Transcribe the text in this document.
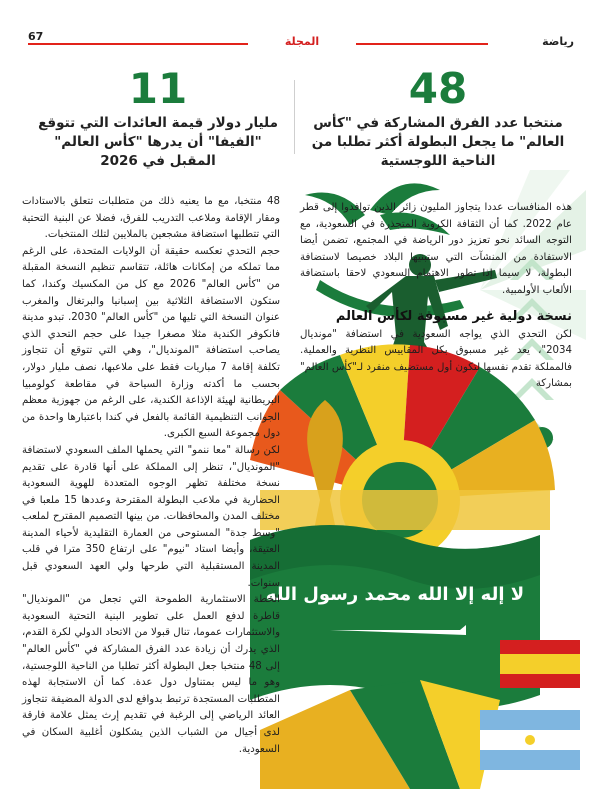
67	المجلة	رياضة
48
منتخبا عدد الفرق المشاركة في "كأس العالم" ما يجعل البطولة أكثر تطلبا من الناحية اللوجستية
11
مليار دولار قيمة العائدات التي تتوقع "الفيفا" أن يدرها "كأس العالم" المقبل في 2026
لا إله إلا الله محمد رسول الله

هذه المنافسات عددا يتجاوز المليون زائر الذين توافدوا إلى قطر عام 2022. كما أن الثقافة الكروية المتجذرة في السعودية، مع التوجه السائد نحو تعزيز دور الرياضة في المجتمع، تضمن أيضا الاستفادة من المنشآت التي ستبنيها البلاد خصيصا لاستضافة البطولة، لا سيما إذا تطور الاهتمام السعودي لاحقا باستضافة الألعاب الأولمبية.

نسخة دولية غير مسبوقة لكأس العالم

لكن التحدي الذي يواجه السعودية في استضافة "مونديال 2034"، يعد غير مسبوق بكل المقاييس النظرية والعملية. فالمملكة تقدم نفسها لتكون أول مستضيف منفرد لـ"كأس العالم" بمشاركة

48 منتخبا، مع ما يعنيه ذلك من متطلبات تتعلق بالاستادات ومقار الإقامة وملاعب التدريب للفرق، فضلا عن البنية التحتية التي تتطلبها استضافة مشجعين بالملايين لتلك المنتخبات.

حجم التحدي تعكسه حقيقة أن الولايات المتحدة، على الرغم مما تملكه من إمكانات هائلة، تتقاسم تنظيم النسخة المقبلة من "كأس العالم" 2026 مع كل من المكسيك وكندا، كما ستكون الاستضافة الثلاثية بين إسبانيا والبرتغال والمغرب عنوان النسخة التي تليها من "كأس العالم" 2030. تبدو مدينة فانكوفر الكندية مثلا مصغرا جيدا على حجم التحدي الذي يصاحب استضافة "المونديال"، وهي التي تتوقع أن تتجاوز تكلفة إقامة 7 مباريات فقط على ملاعبها، نصف مليار دولار، بحسب ما أكدته وزارة السياحة في مقاطعة كولومبيا البريطانية لهيئة الإذاعة الكندية، على الرغم من جهوزية معظم الجوانب التنظيمية القائمة بالفعل في كندا باعتبارها واحدة من دول مجموعة السبع الكبرى.

لكن رسالة "معا ننمو" التي يحملها الملف السعودي لاستضافة "المونديال"، تنظر إلى المملكة على أنها قادرة على تقديم نسخة مختلفة تظهر الوجوه المتعددة للهوية السعودية الحضارية في ملاعب البطولة المقترحة وعددها 15 ملعبا في مختلف المدن والمحافظات. من بينها التصميم المقترح لملعب "وسط جدة" المستوحى من العمارة التقليدية لأحياء المدينة العتيقة، وأيضا استاد "نيوم" على ارتفاع 350 مترا في قلب المدينة المستقبلية التي طرحها ولي العهد السعودي قبل سنوات.

الخطة الاستثمارية الطموحة التي تجعل من "المونديال" قاطرة لدفع العمل على تطوير البنية التحتية السعودية والاستثمارات عموما، تنال قبولا من الاتحاد الدولي لكرة القدم، الذي يدرك أن زيادة عدد الفرق المشاركة في "كأس العالم" إلى 48 منتخبا جعل البطولة أكثر تطلبا من الناحية اللوجستية، وهو ما ليس بمتناول دول عدة. كما أن الاستجابة لهذه المتطلبات المستجدة ترتبط بدوافع لدى الدولة المضيفة تتجاوز العائد الرياضي إلى الرغبة في تقديم إرث يمثل علامة فارقة لدى أجيال من الشباب الذين يشكلون أغلبية السكان في السعودية.
